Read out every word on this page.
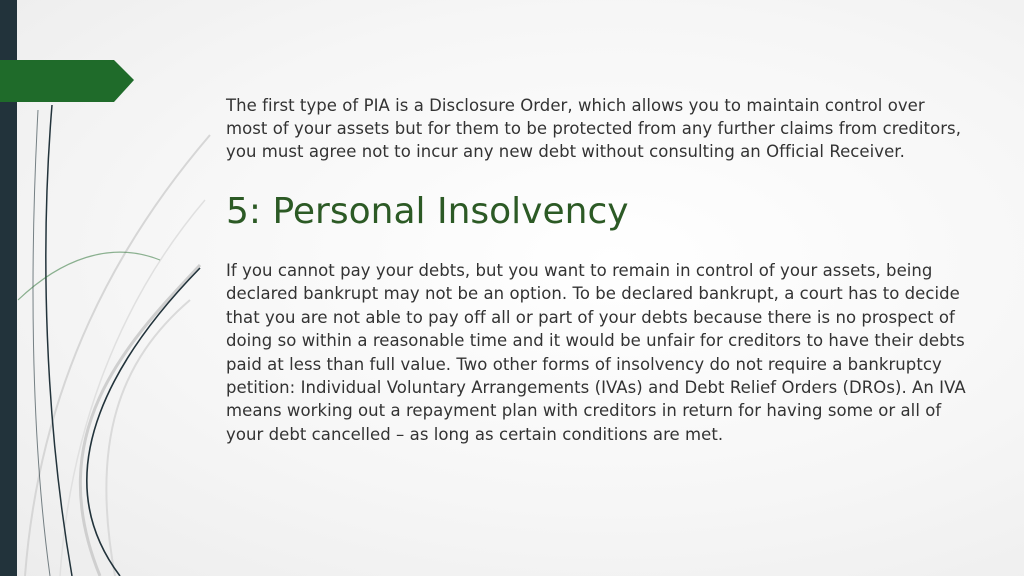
The first type of PIA is a Disclosure Order, which allows you to maintain control over most of your assets but for them to be protected from any further claims from creditors, you must agree not to incur any new debt without consulting an Official Receiver.

5: Personal Insolvency

If you cannot pay your debts, but you want to remain in control of your assets, being declared bankrupt may not be an option. To be declared bankrupt, a court has to decide that you are not able to pay off all or part of your debts because there is no prospect of doing so within a reasonable time and it would be unfair for creditors to have their debts paid at less than full value. Two other forms of insolvency do not require a bankruptcy petition: Individual Voluntary Arrangements (IVAs) and Debt Relief Orders (DROs). An IVA means working out a repayment plan with creditors in return for having some or all of your debt cancelled – as long as certain conditions are met.
